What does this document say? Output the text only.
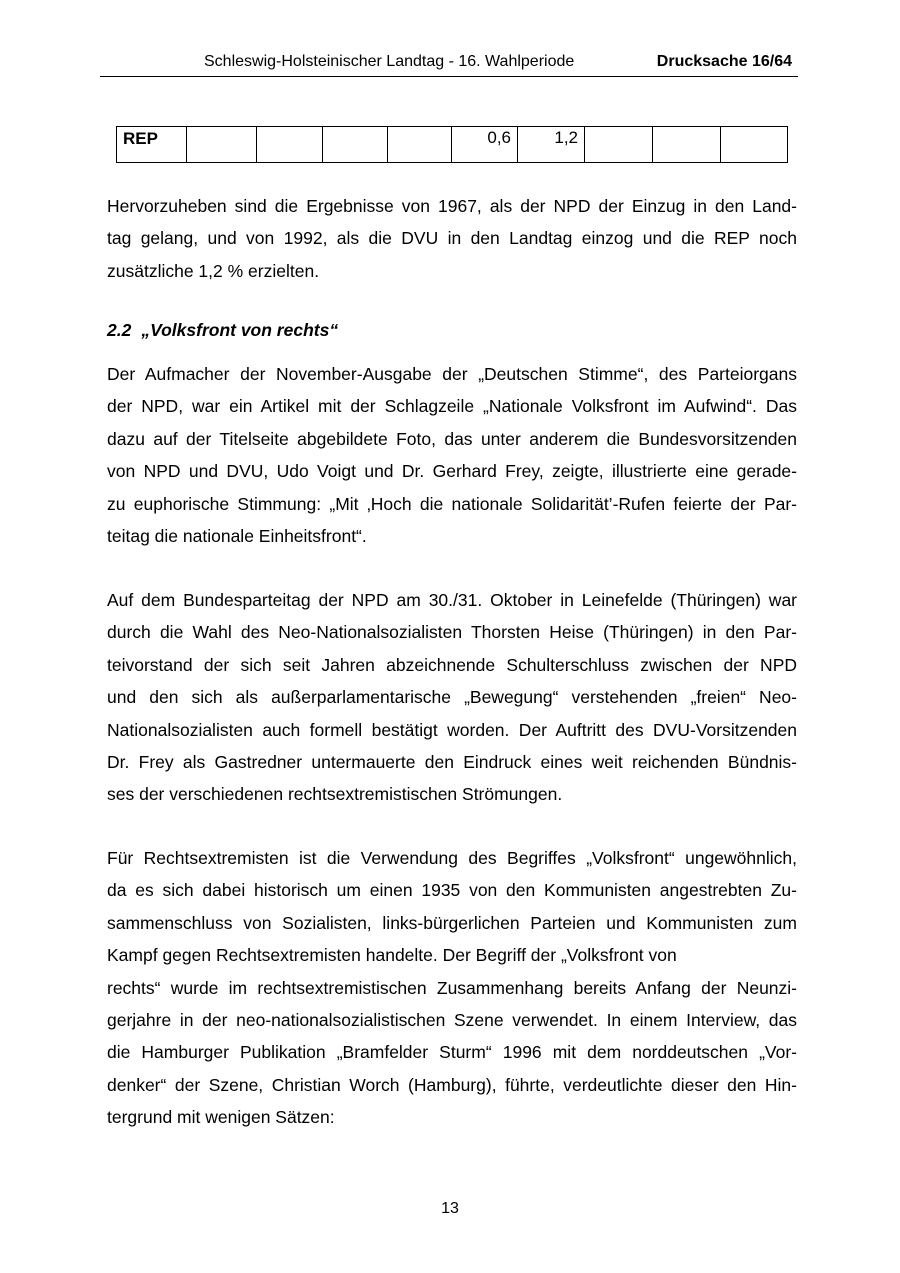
Schleswig-Holsteinischer Landtag - 16. Wahlperiode	Drucksache 16/64
REP					0,6	1,2			
Hervorzuheben sind die Ergebnisse von 1967, als der NPD der Einzug in den Land-
tag gelang, und von 1992, als die DVU in den Landtag einzog und die REP noch
zusätzliche 1,2 % erzielten.
2.2 „Volksfront von rechts“
Der Aufmacher der November-Ausgabe der „Deutschen Stimme“, des Parteiorgans
der NPD, war ein Artikel mit der Schlagzeile „Nationale Volksfront im Aufwind“. Das
dazu auf der Titelseite abgebildete Foto, das unter anderem die Bundesvorsitzenden
von NPD und DVU, Udo Voigt und Dr. Gerhard Frey, zeigte, illustrierte eine gerade-
zu euphorische Stimmung: „Mit ‚Hoch die nationale Solidarität’-Rufen feierte der Par-
teitag die nationale Einheitsfront“.
Auf dem Bundesparteitag der NPD am 30./31. Oktober in Leinefelde (Thüringen) war
durch die Wahl des Neo-Nationalsozialisten Thorsten Heise (Thüringen) in den Par-
teivorstand der sich seit Jahren abzeichnende Schulterschluss zwischen der NPD
und den sich als außerparlamentarische „Bewegung“ verstehenden „freien“ Neo-
Nationalsozialisten auch formell bestätigt worden. Der Auftritt des DVU-Vorsitzenden
Dr. Frey als Gastredner untermauerte den Eindruck eines weit reichenden Bündnis-
ses der verschiedenen rechtsextremistischen Strömungen.
Für Rechtsextremisten ist die Verwendung des Begriffes „Volksfront“ ungewöhnlich,
da es sich dabei historisch um einen 1935 von den Kommunisten angestrebten Zu-
sammenschluss von Sozialisten, links-bürgerlichen Parteien und Kommunisten zum
Kampf gegen Rechtsextremisten handelte. Der Begriff der „Volksfront von
rechts“ wurde im rechtsextremistischen Zusammenhang bereits Anfang der Neunzi-
gerjahre in der neo-nationalsozialistischen Szene verwendet. In einem Interview, das
die Hamburger Publikation „Bramfelder Sturm“ 1996 mit dem norddeutschen „Vor-
denker“ der Szene, Christian Worch (Hamburg), führte, verdeutlichte dieser den Hin-
tergrund mit wenigen Sätzen:
13
